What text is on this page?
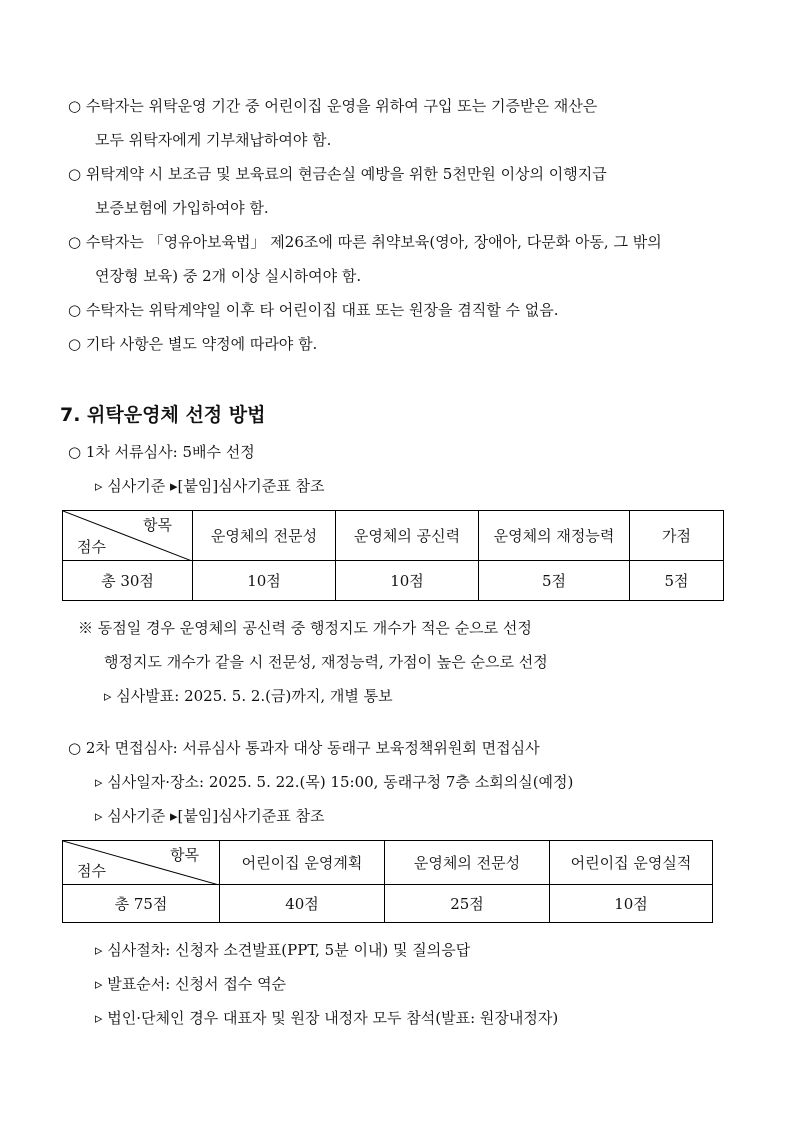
○ 수탁자는 위탁운영 기간 중 어린이집 운영을 위하여 구입 또는 기증받은 재산은
모두 위탁자에게 기부채납하여야 함.
○ 위탁계약 시 보조금 및 보육료의 현금손실 예방을 위한 5천만원 이상의 이행지급
보증보험에 가입하여야 함.
○ 수탁자는 「영유아보육법」 제26조에 따른 취약보육(영아, 장애아, 다문화 아동, 그 밖의
연장형 보육) 중 2개 이상 실시하여야 함.
○ 수탁자는 위탁계약일 이후 타 어린이집 대표 또는 원장을 겸직할 수 없음.
○ 기타 사항은 별도 약정에 따라야 함.
7. 위탁운영체 선정 방법
○ 1차 서류심사: 5배수 선정
▹ 심사기준 ▸[붙임]심사기준표 참조
항목
점수	운영체의 전문성	운영체의 공신력	운영체의 재정능력	가점
총 30점	10점	10점	5점	5점
※ 동점일 경우 운영체의 공신력 중 행정지도 개수가 적은 순으로 선정
행정지도 개수가 같을 시 전문성, 재정능력, 가점이 높은 순으로 선정
▹ 심사발표: 2025. 5. 2.(금)까지, 개별 통보
○ 2차 면접심사: 서류심사 통과자 대상 동래구 보육정책위원회 면접심사
▹ 심사일자·장소: 2025. 5. 22.(목) 15:00, 동래구청 7층 소회의실(예정)
▹ 심사기준 ▸[붙임]심사기준표 참조
항목
점수	어린이집 운영계획	운영체의 전문성	어린이집 운영실적
총 75점	40점	25점	10점
▹ 심사절차: 신청자 소견발표(PPT, 5분 이내) 및 질의응답
▹ 발표순서: 신청서 접수 역순
▹ 법인·단체인 경우 대표자 및 원장 내정자 모두 참석(발표: 원장내정자)
